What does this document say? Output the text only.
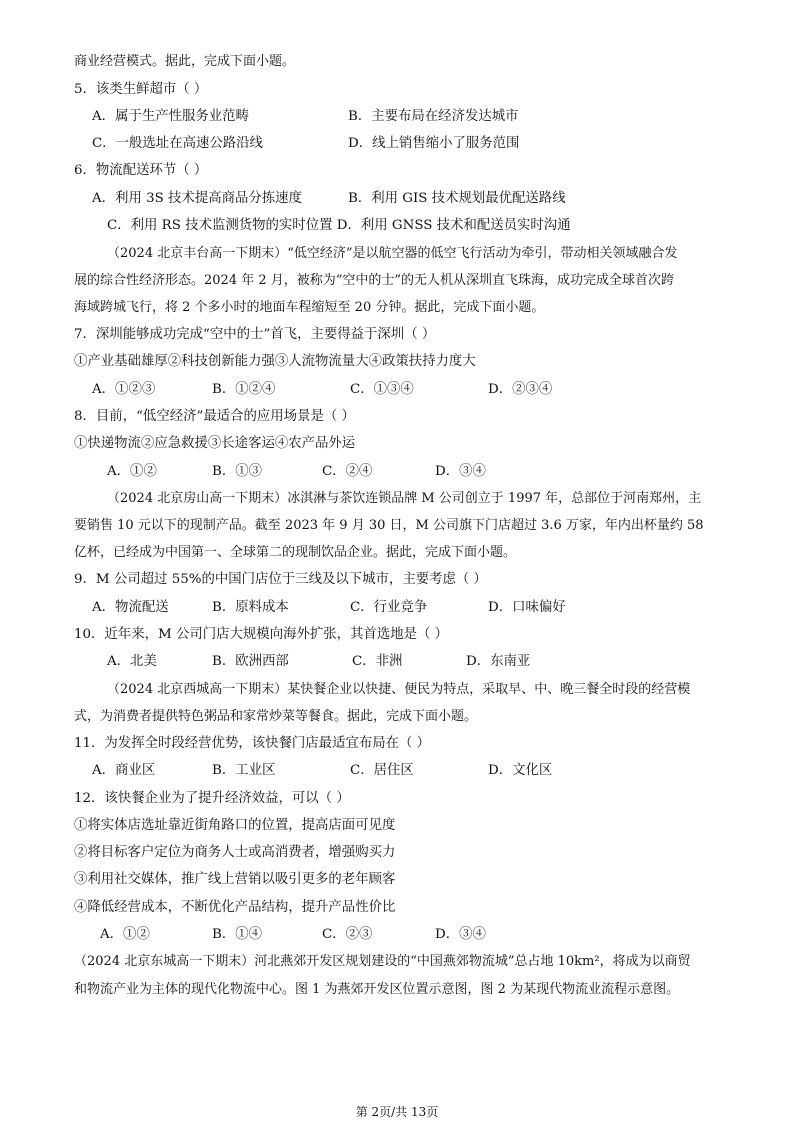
商业经营模式。据此，完成下面小题。
5．该类生鲜超市（ ）
A．属于生产性服务业范畴	B．主要布局在经济发达城市
C．一般选址在高速公路沿线	D．线上销售缩小了服务范围
6．物流配送环节（ ）
A．利用 3S 技术提高商品分拣速度	B．利用 GIS 技术规划最优配送路线
C．利用 RS 技术监测货物的实时位置 D．利用 GNSS 技术和配送员实时沟通
（2024 北京丰台高一下期末）“低空经济”是以航空器的低空飞行活动为牵引，带动相关领域融合发
展的综合性经济形态。2024 年 2 月，被称为“空中的士”的无人机从深圳直飞珠海，成功完成全球首次跨
海域跨城飞行，将 2 个多小时的地面车程缩短至 20 分钟。据此，完成下面小题。
7．深圳能够成功完成“空中的士”首飞，主要得益于深圳（ ）
①产业基础雄厚②科技创新能力强③人流物流量大④政策扶持力度大
A．①②③	B．①②④	C．①③④	D．②③④
8．目前，“低空经济”最适合的应用场景是（ ）
①快递物流②应急救援③长途客运④农产品外运
A．①②	B．①③	C．②④	D．③④
（2024 北京房山高一下期末）冰淇淋与茶饮连锁品牌 M 公司创立于 1997 年，总部位于河南郑州，主
要销售 10 元以下的现制产品。截至 2023 年 9 月 30 日，M 公司旗下门店超过 3.6 万家，年内出杯量约 58
亿杯，已经成为中国第一、全球第二的现制饮品企业。据此，完成下面小题。
9．M 公司超过 55%的中国门店位于三线及以下城市，主要考虑（ ）
A．物流配送	B．原料成本	C．行业竞争	D．口味偏好
10．近年来，M 公司门店大规模向海外扩张，其首选地是（ ）
A．北美	B．欧洲西部	C．非洲	D．东南亚
（2024 北京西城高一下期末）某快餐企业以快捷、便民为特点，采取早、中、晚三餐全时段的经营模
式，为消费者提供特色粥品和家常炒菜等餐食。据此，完成下面小题。
11．为发挥全时段经营优势，该快餐门店最适宜布局在（ ）
A．商业区	B．工业区	C．居住区	D．文化区
12．该快餐企业为了提升经济效益，可以（ ）
①将实体店选址靠近街角路口的位置，提高店面可见度
②将目标客户定位为商务人士或高消费者，增强购买力
③利用社交媒体，推广线上营销以吸引更多的老年顾客
④降低经营成本，不断优化产品结构，提升产品性价比
A．①②	B．①④	C．②③	D．③④
（2024 北京东城高一下期末）河北燕郊开发区规划建设的“中国燕郊物流城”总占地 10km²，将成为以商贸
和物流产业为主体的现代化物流中心。图 1 为燕郊开发区位置示意图，图 2 为某现代物流业流程示意图。
第 2页/共 13页
